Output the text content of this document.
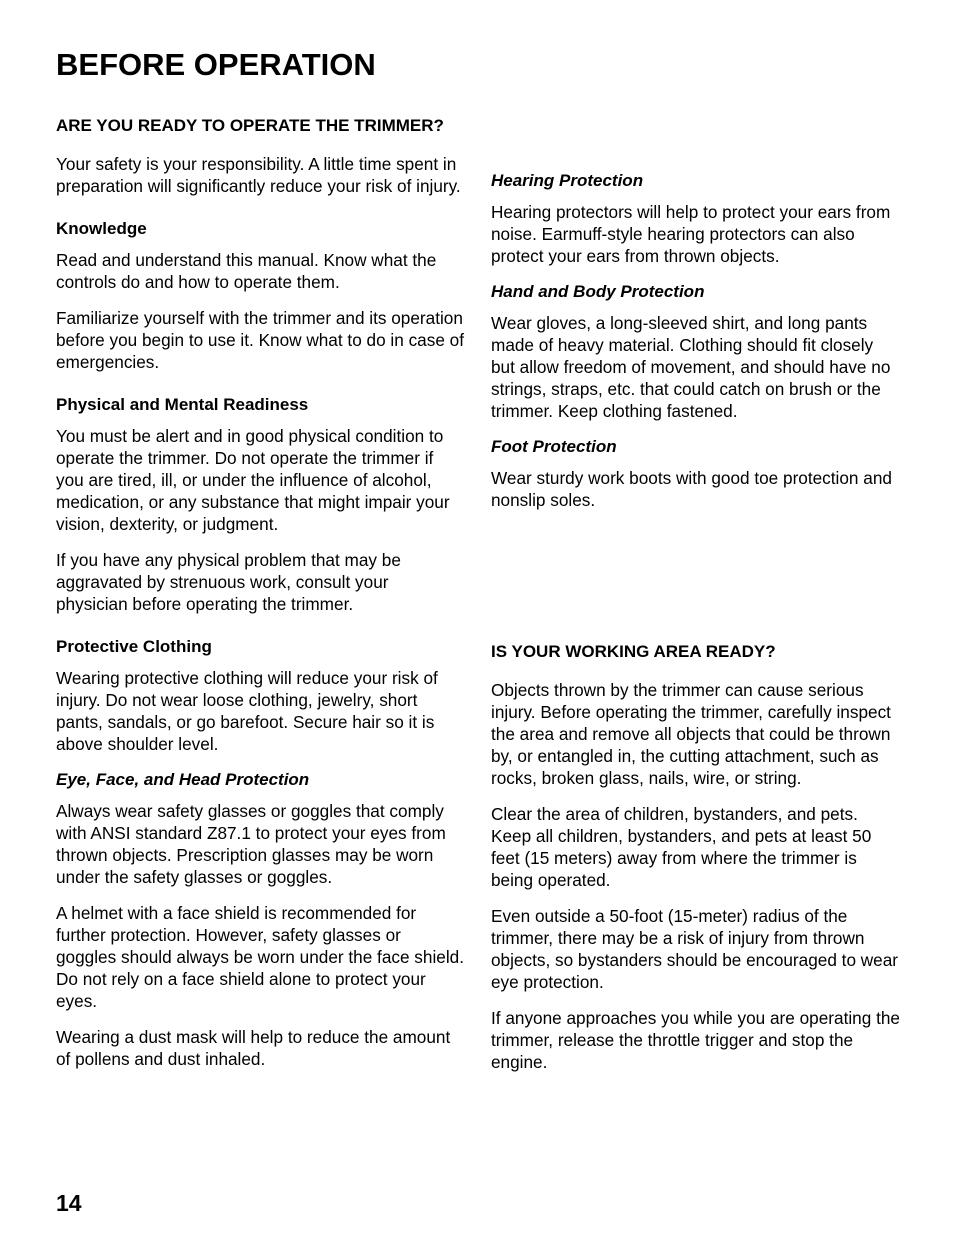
BEFORE OPERATION
ARE YOU READY TO OPERATE THE TRIMMER?

Your safety is your responsibility. A little time spent in preparation will significantly reduce your risk of injury.

Knowledge

Read and understand this manual. Know what the controls do and how to operate them.

Familiarize yourself with the trimmer and its operation before you begin to use it. Know what to do in case of emergencies.

Physical and Mental Readiness

You must be alert and in good physical condition to operate the trimmer. Do not operate the trimmer if you are tired, ill, or under the influence of alcohol, medication, or any substance that might impair your vision, dexterity, or judgment.

If you have any physical problem that may be aggravated by strenuous work, consult your physician before operating the trimmer.

Protective Clothing

Wearing protective clothing will reduce your risk of injury. Do not wear loose clothing, jewelry, short pants, sandals, or go barefoot. Secure hair so it is above shoulder level.

Eye, Face, and Head Protection

Always wear safety glasses or goggles that comply with ANSI standard Z87.1 to protect your eyes from thrown objects. Prescription glasses may be worn under the safety glasses or goggles.

A helmet with a face shield is recommended for further protection. However, safety glasses or goggles should always be worn under the face shield. Do not rely on a face shield alone to protect your eyes.

Wearing a dust mask will help to reduce the amount of pollens and dust inhaled.

Hearing Protection

Hearing protectors will help to protect your ears from noise. Earmuff-style hearing protectors can also protect your ears from thrown objects.

Hand and Body Protection

Wear gloves, a long-sleeved shirt, and long pants made of heavy material. Clothing should fit closely but allow freedom of movement, and should have no strings, straps, etc. that could catch on brush or the trimmer. Keep clothing fastened.

Foot Protection

Wear sturdy work boots with good toe protection and nonslip soles.

IS YOUR WORKING AREA READY?

Objects thrown by the trimmer can cause serious injury. Before operating the trimmer, carefully inspect the area and remove all objects that could be thrown by, or entangled in, the cutting attachment, such as rocks, broken glass, nails, wire, or string.

Clear the area of children, bystanders, and pets. Keep all children, bystanders, and pets at least 50 feet (15 meters) away from where the trimmer is being operated.

Even outside a 50-foot (15-meter) radius of the trimmer, there may be a risk of injury from thrown objects, so bystanders should be encouraged to wear eye protection.

If anyone approaches you while you are operating the trimmer, release the throttle trigger and stop the engine.

14
